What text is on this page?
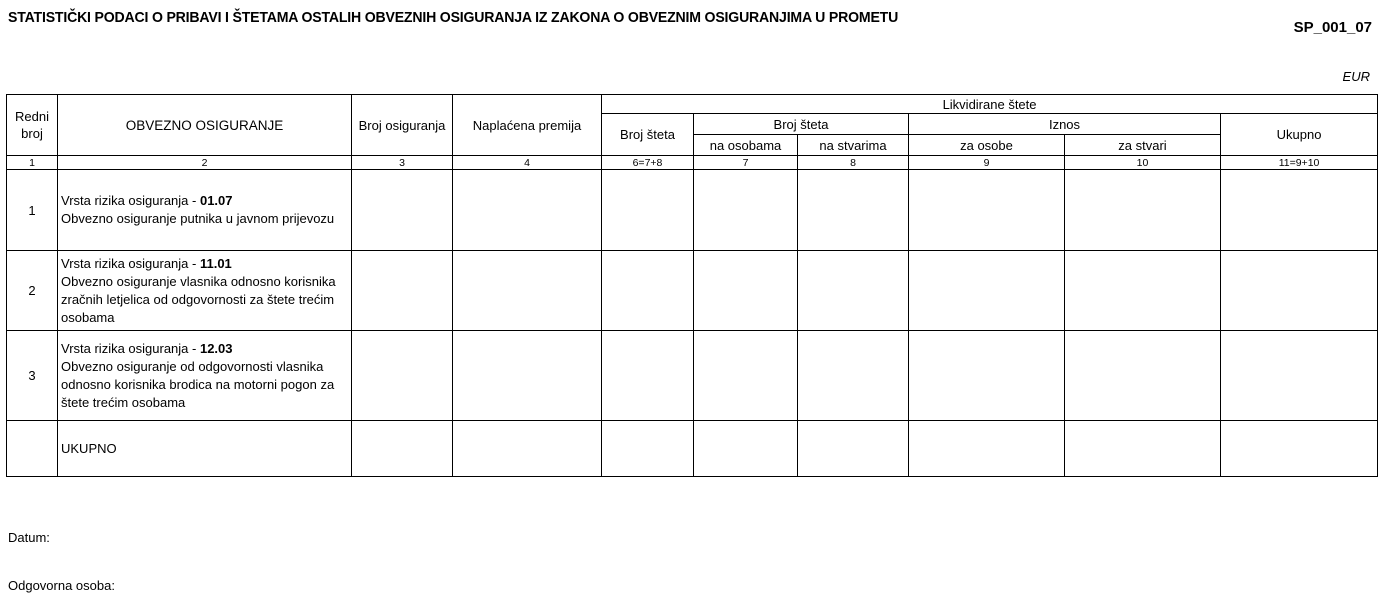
STATISTIČKI PODACI O PRIBAVI I ŠTETAMA OSTALIH OBVEZNIH OSIGURANJA IZ ZAKONA O OBVEZNIM OSIGURANJIMA U PROMETU
SP_001_07
EUR
Redni broj	OBVEZNO OSIGURANJE	Broj osiguranja	Naplaćena premija	Likvidirane štete					
				Broj šteta	Broj šteta		Iznos		Ukupno
					na osobama	na stvarima	za osobe	za stvari	
1	2	3	4	6=7+8	7	8	9	10	11=9+10
1	Vrsta rizika osiguranja - 01.07
Obvezno osiguranje putnika u javnom prijevozu								
2	Vrsta rizika osiguranja - 11.01
Obvezno osiguranje vlasnika odnosno korisnika zračnih letjelica od odgovornosti za štete trećim osobama								
3	Vrsta rizika osiguranja - 12.03
Obvezno osiguranje od odgovornosti vlasnika odnosno korisnika brodica na motorni pogon za štete trećim osobama								
	UKUPNO								
Datum:
Odgovorna osoba:
